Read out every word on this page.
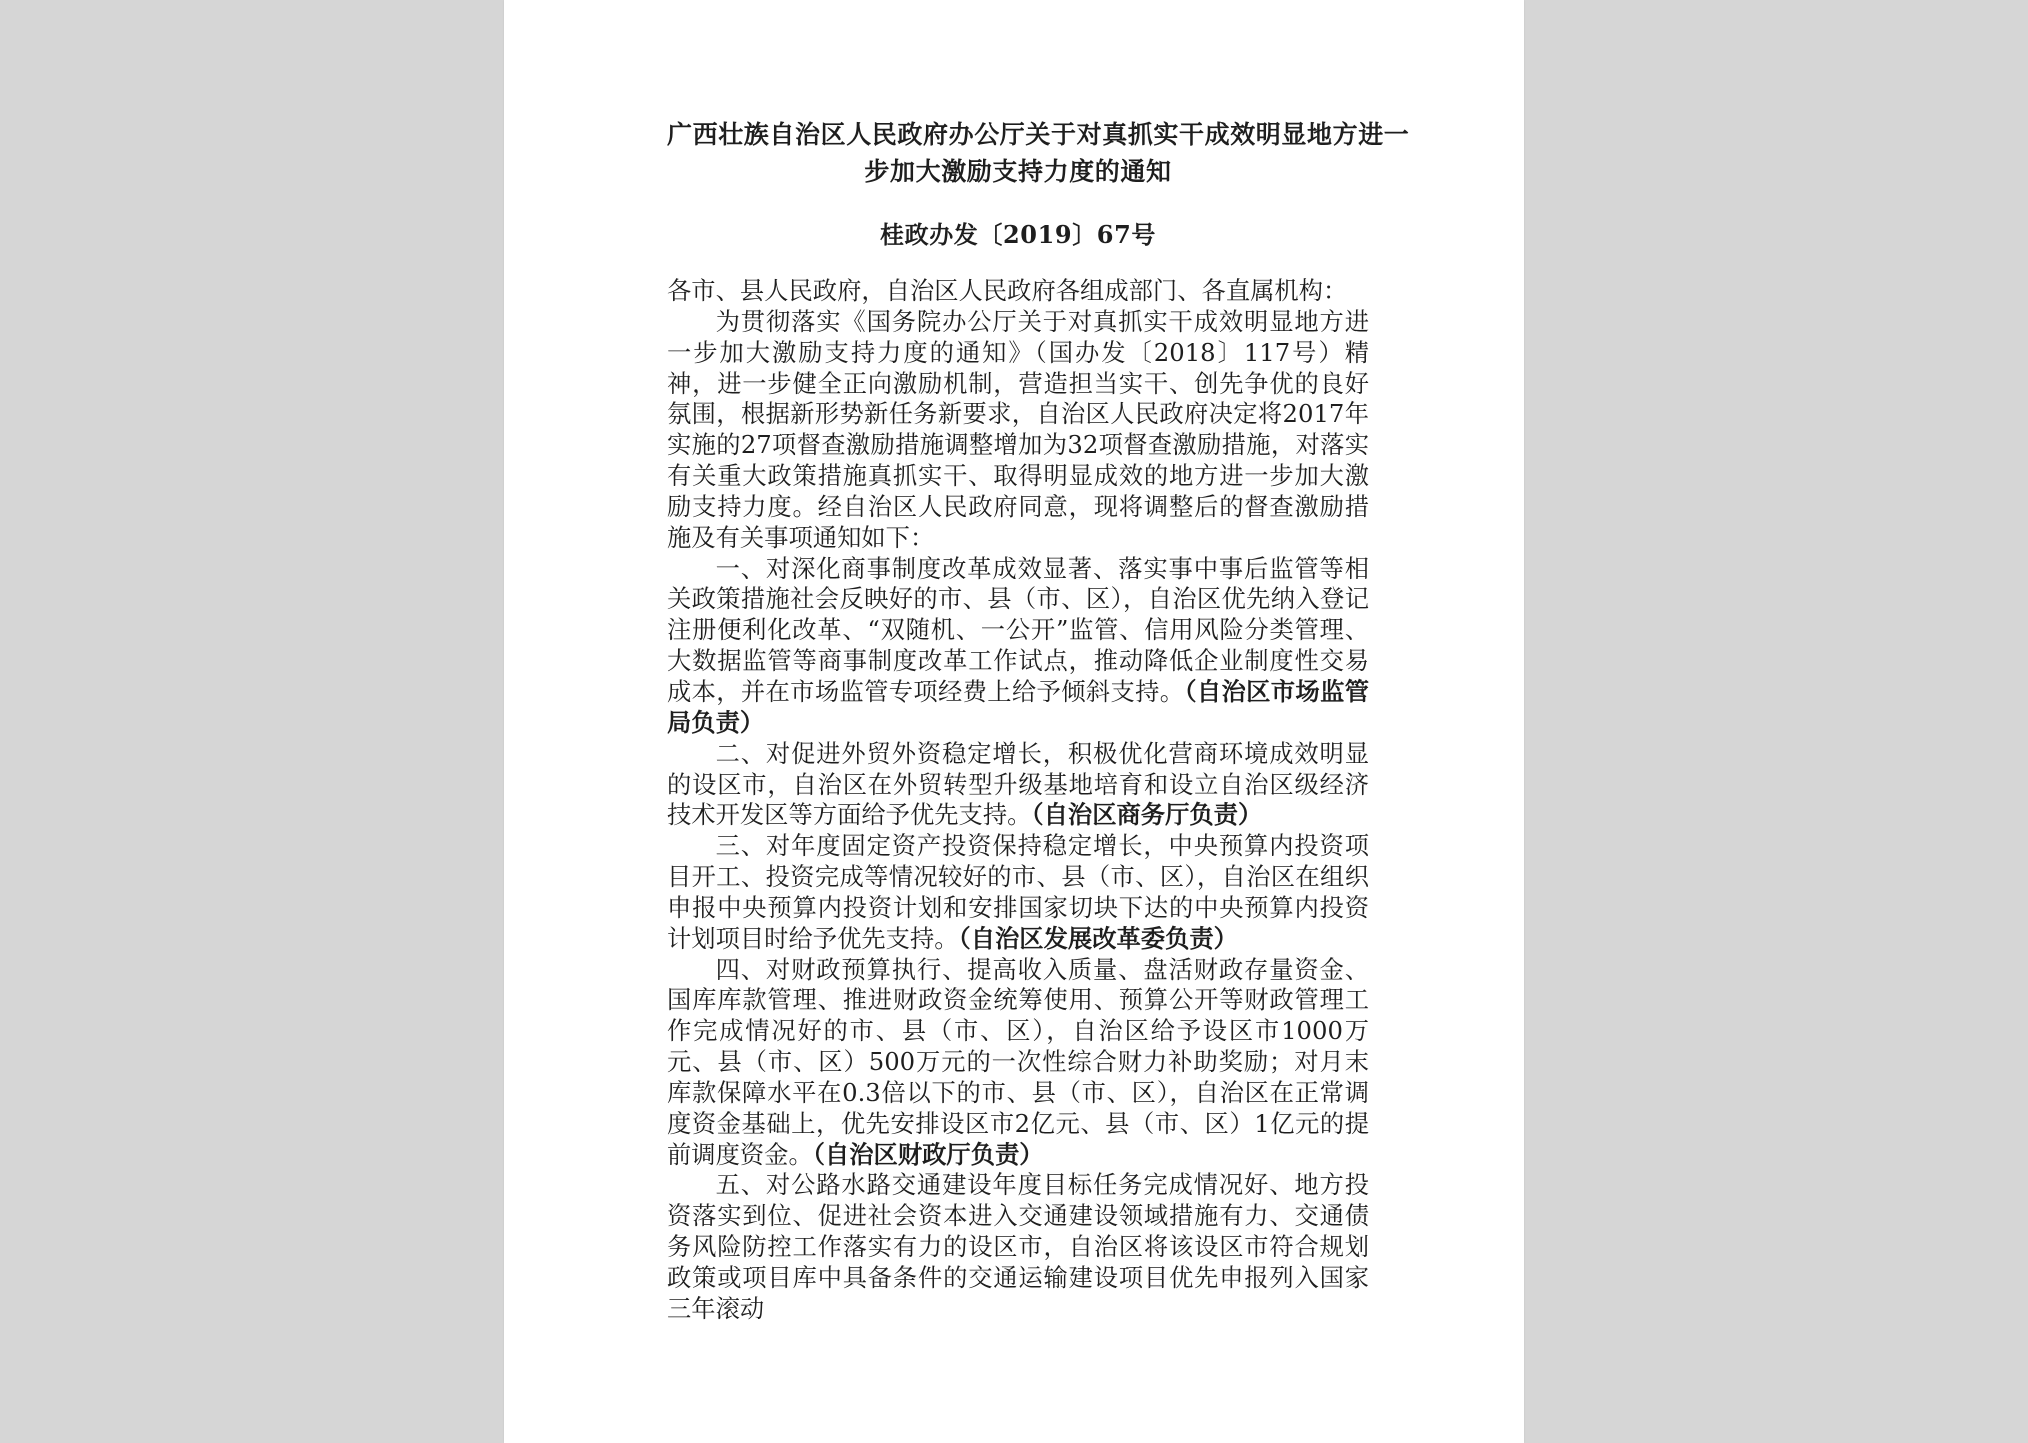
广西壮族自治区人民政府办公厅关于对真抓实干成效明显地方进一
步加大激励支持力度的通知
桂政办发〔2019〕67号

各市、县人民政府，自治区人民政府各组成部门、各直属机构：

为贯彻落实《国务院办公厅关于对真抓实干成效明显地方进一步加大激励支持力度的通知》（国办发〔2018〕117号）精神，进一步健全正向激励机制，营造担当实干、创先争优的良好氛围，根据新形势新任务新要求，自治区人民政府决定将2017年实施的27项督查激励措施调整增加为32项督查激励措施，对落实有关重大政策措施真抓实干、取得明显成效的地方进一步加大激励支持力度。经自治区人民政府同意，现将调整后的督查激励措施及有关事项通知如下：

一、对深化商事制度改革成效显著、落实事中事后监管等相关政策措施社会反映好的市、县（市、区），自治区优先纳入登记注册便利化改革、“双随机、一公开”监管、信用风险分类管理、大数据监管等商事制度改革工作试点，推动降低企业制度性交易成本，并在市场监管专项经费上给予倾斜支持。（自治区市场监管局负责）

二、对促进外贸外资稳定增长，积极优化营商环境成效明显的设区市，自治区在外贸转型升级基地培育和设立自治区级经济技术开发区等方面给予优先支持。（自治区商务厅负责）

三、对年度固定资产投资保持稳定增长，中央预算内投资项目开工、投资完成等情况较好的市、县（市、区），自治区在组织申报中央预算内投资计划和安排国家切块下达的中央预算内投资计划项目时给予优先支持。（自治区发展改革委负责）

四、对财政预算执行、提高收入质量、盘活财政存量资金、国库库款管理、推进财政资金统筹使用、预算公开等财政管理工作完成情况好的市、县（市、区），自治区给予设区市1000万元、县（市、区）500万元的一次性综合财力补助奖励；对月末库款保障水平在0.3倍以下的市、县（市、区），自治区在正常调度资金基础上，优先安排设区市2亿元、县（市、区）1亿元的提前调度资金。（自治区财政厅负责）

五、对公路水路交通建设年度目标任务完成情况好、地方投资落实到位、促进社会资本进入交通建设领域措施有力、交通债务风险防控工作落实有力的设区市，自治区将该设区市符合规划政策或项目库中具备条件的交通运输建设项目优先申报列入国家三年滚动
